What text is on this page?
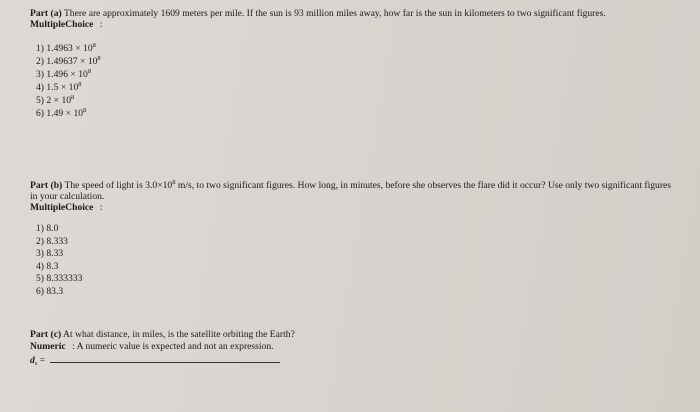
Part (a) There are approximately 1609 meters per mile. If the sun is 93 million miles away, how far is the sun in kilometers to two significant figures.

MultipleChoice :

1) $1.4963 \times 10^8$
2) $1.49637 \times 10^8$
3) $1.496 \times 10^8$
4) $1.5 \times 10^8$
5) $2 \times 10^8$
6) $1.49 \times 10^8$

Part (b) The speed of light is $3.0\times 10^8$ m/s, to two significant figures. How long, in minutes, before she observes the flare did it occur? Use only two significant figures in your calculation.

MultipleChoice :

1) 8.0
2) 8.333
3) 8.33
4) 8.3
5) 8.333333
6) 83.3

Part (c) At what distance, in miles, is the satellite orbiting the Earth?

Numeric : A numeric value is expected and not an expression.

$d_s$ =
